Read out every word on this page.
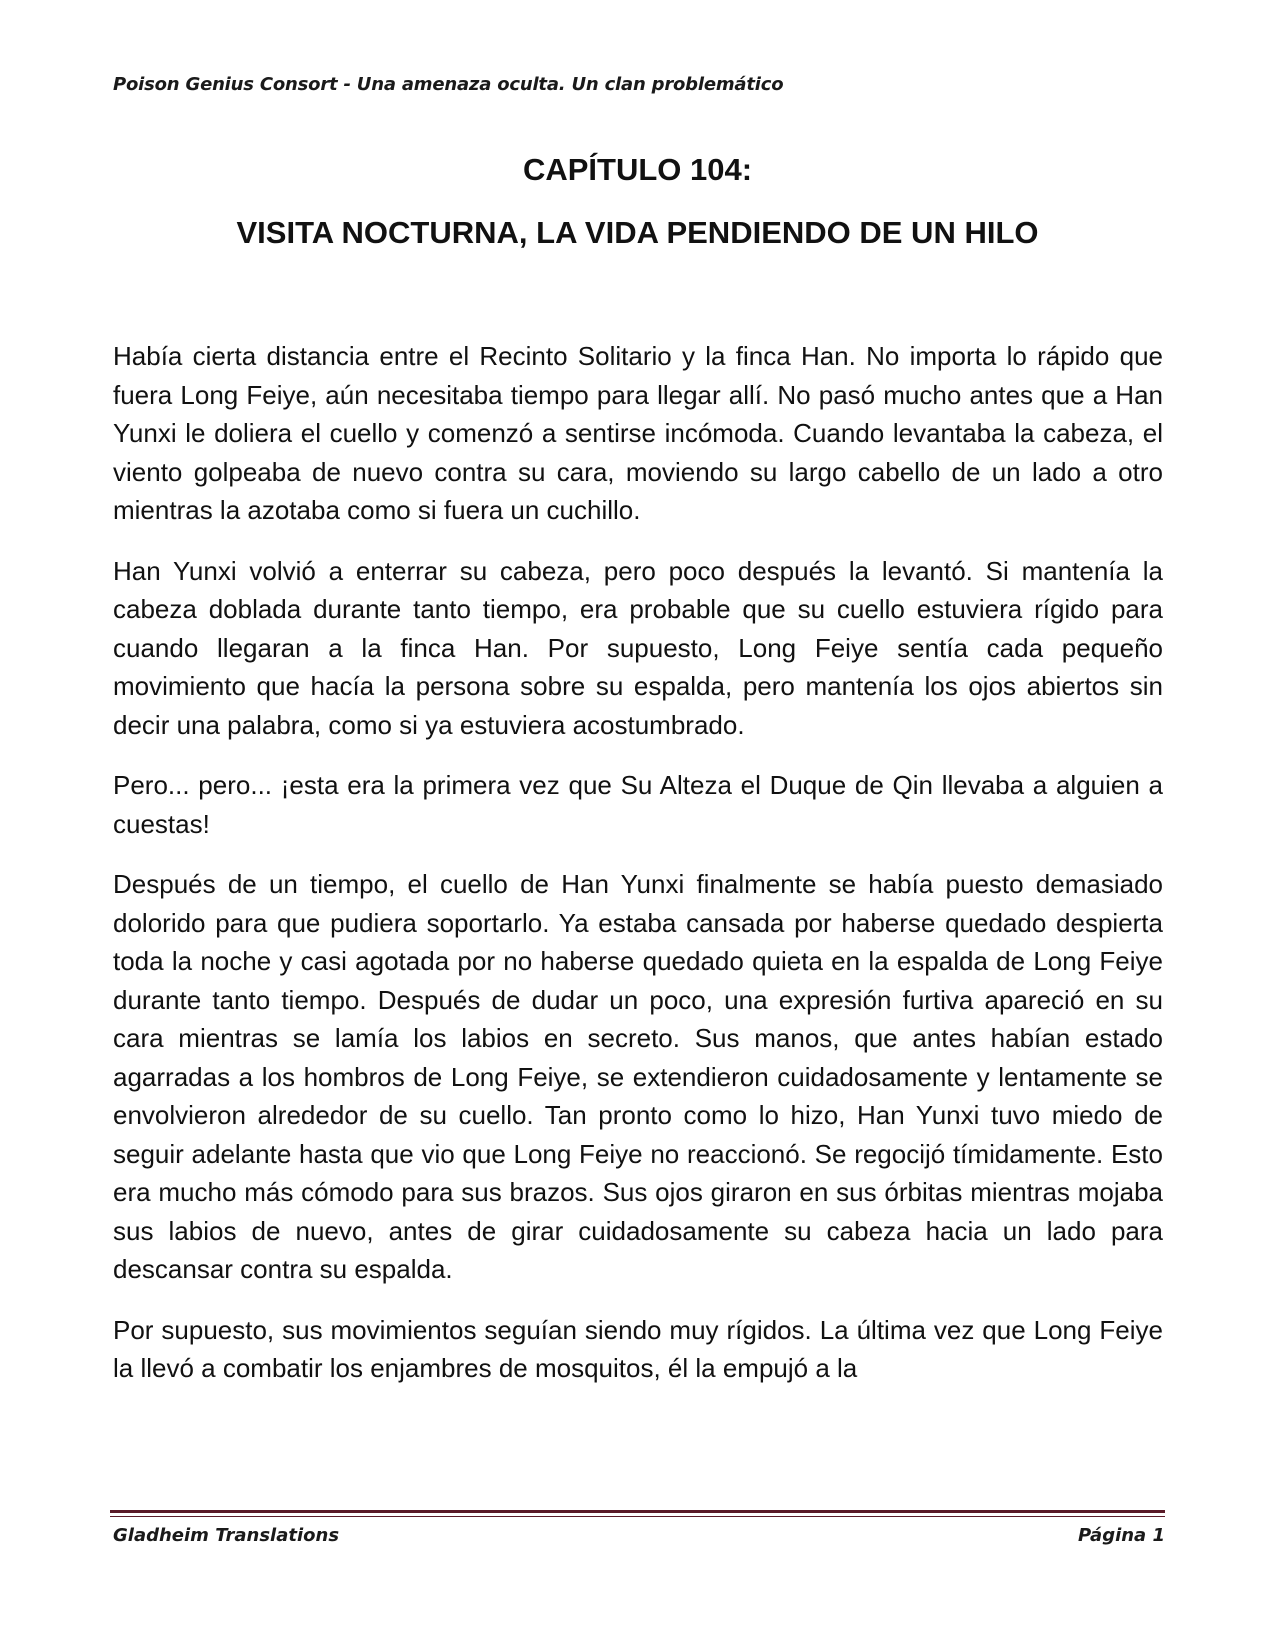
Poison Genius Consort - Una amenaza oculta. Un clan problemático
CAPÍTULO 104:
VISITA NOCTURNA, LA VIDA PENDIENDO DE UN HILO

Había cierta distancia entre el Recinto Solitario y la finca Han. No importa lo rápido que fuera Long Feiye, aún necesitaba tiempo para llegar allí. No pasó mucho antes que a Han Yunxi le doliera el cuello y comenzó a sentirse incómoda. Cuando levantaba la cabeza, el viento golpeaba de nuevo contra su cara, moviendo su largo cabello de un lado a otro mientras la azotaba como si fuera un cuchillo.

Han Yunxi volvió a enterrar su cabeza, pero poco después la levantó. Si mantenía la cabeza doblada durante tanto tiempo, era probable que su cuello estuviera rígido para cuando llegaran a la finca Han. Por supuesto, Long Feiye sentía cada pequeño movimiento que hacía la persona sobre su espalda, pero mantenía los ojos abiertos sin decir una palabra, como si ya estuviera acostumbrado.

Pero... pero... ¡esta era la primera vez que Su Alteza el Duque de Qin llevaba a alguien a cuestas!

Después de un tiempo, el cuello de Han Yunxi finalmente se había puesto demasiado dolorido para que pudiera soportarlo. Ya estaba cansada por haberse quedado despierta toda la noche y casi agotada por no haberse quedado quieta en la espalda de Long Feiye durante tanto tiempo. Después de dudar un poco, una expresión furtiva apareció en su cara mientras se lamía los labios en secreto. Sus manos, que antes habían estado agarradas a los hombros de Long Feiye, se extendieron cuidadosamente y lentamente se envolvieron alrededor de su cuello. Tan pronto como lo hizo, Han Yunxi tuvo miedo de seguir adelante hasta que vio que Long Feiye no reaccionó. Se regocijó tímidamente. Esto era mucho más cómodo para sus brazos. Sus ojos giraron en sus órbitas mientras mojaba sus labios de nuevo, antes de girar cuidadosamente su cabeza hacia un lado para descansar contra su espalda.

Por supuesto, sus movimientos seguían siendo muy rígidos. La última vez que Long Feiye la llevó a combatir los enjambres de mosquitos, él la empujó a la

Gladheim Translations	Página 1
